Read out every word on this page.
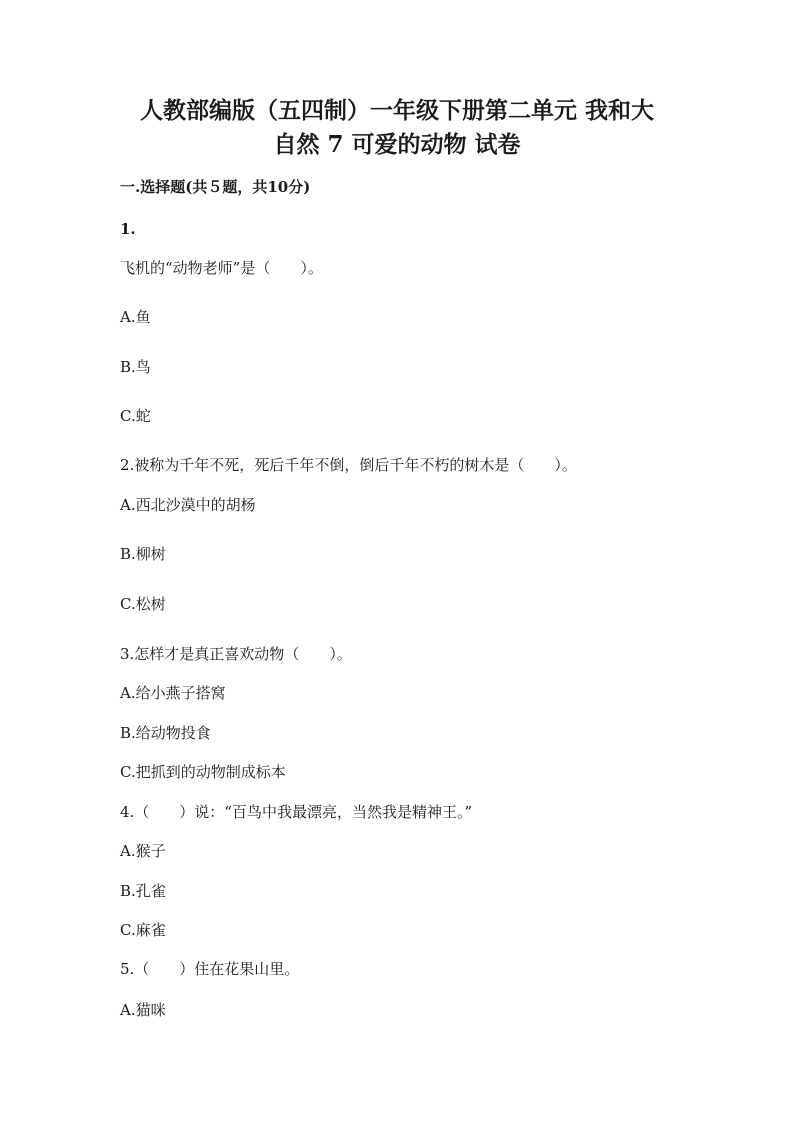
人教部编版（五四制）一年级下册第二单元 我和大
自然 7 可爱的动物 试卷
一.选择题(共５题，共10分)
1.
飞机的“动物老师”是（　　）。
A.鱼
B.鸟
C.蛇
2.被称为千年不死，死后千年不倒，倒后千年不朽的树木是（　　）。
A.西北沙漠中的胡杨
B.柳树
C.松树
3.怎样才是真正喜欢动物（　　）。
A.给小燕子搭窝
B.给动物投食
C.把抓到的动物制成标本
4.（　　）说：“百鸟中我最漂亮，当然我是精神王。”
A.猴子
B.孔雀
C.麻雀
5.（　　）住在花果山里。
A.猫咪
